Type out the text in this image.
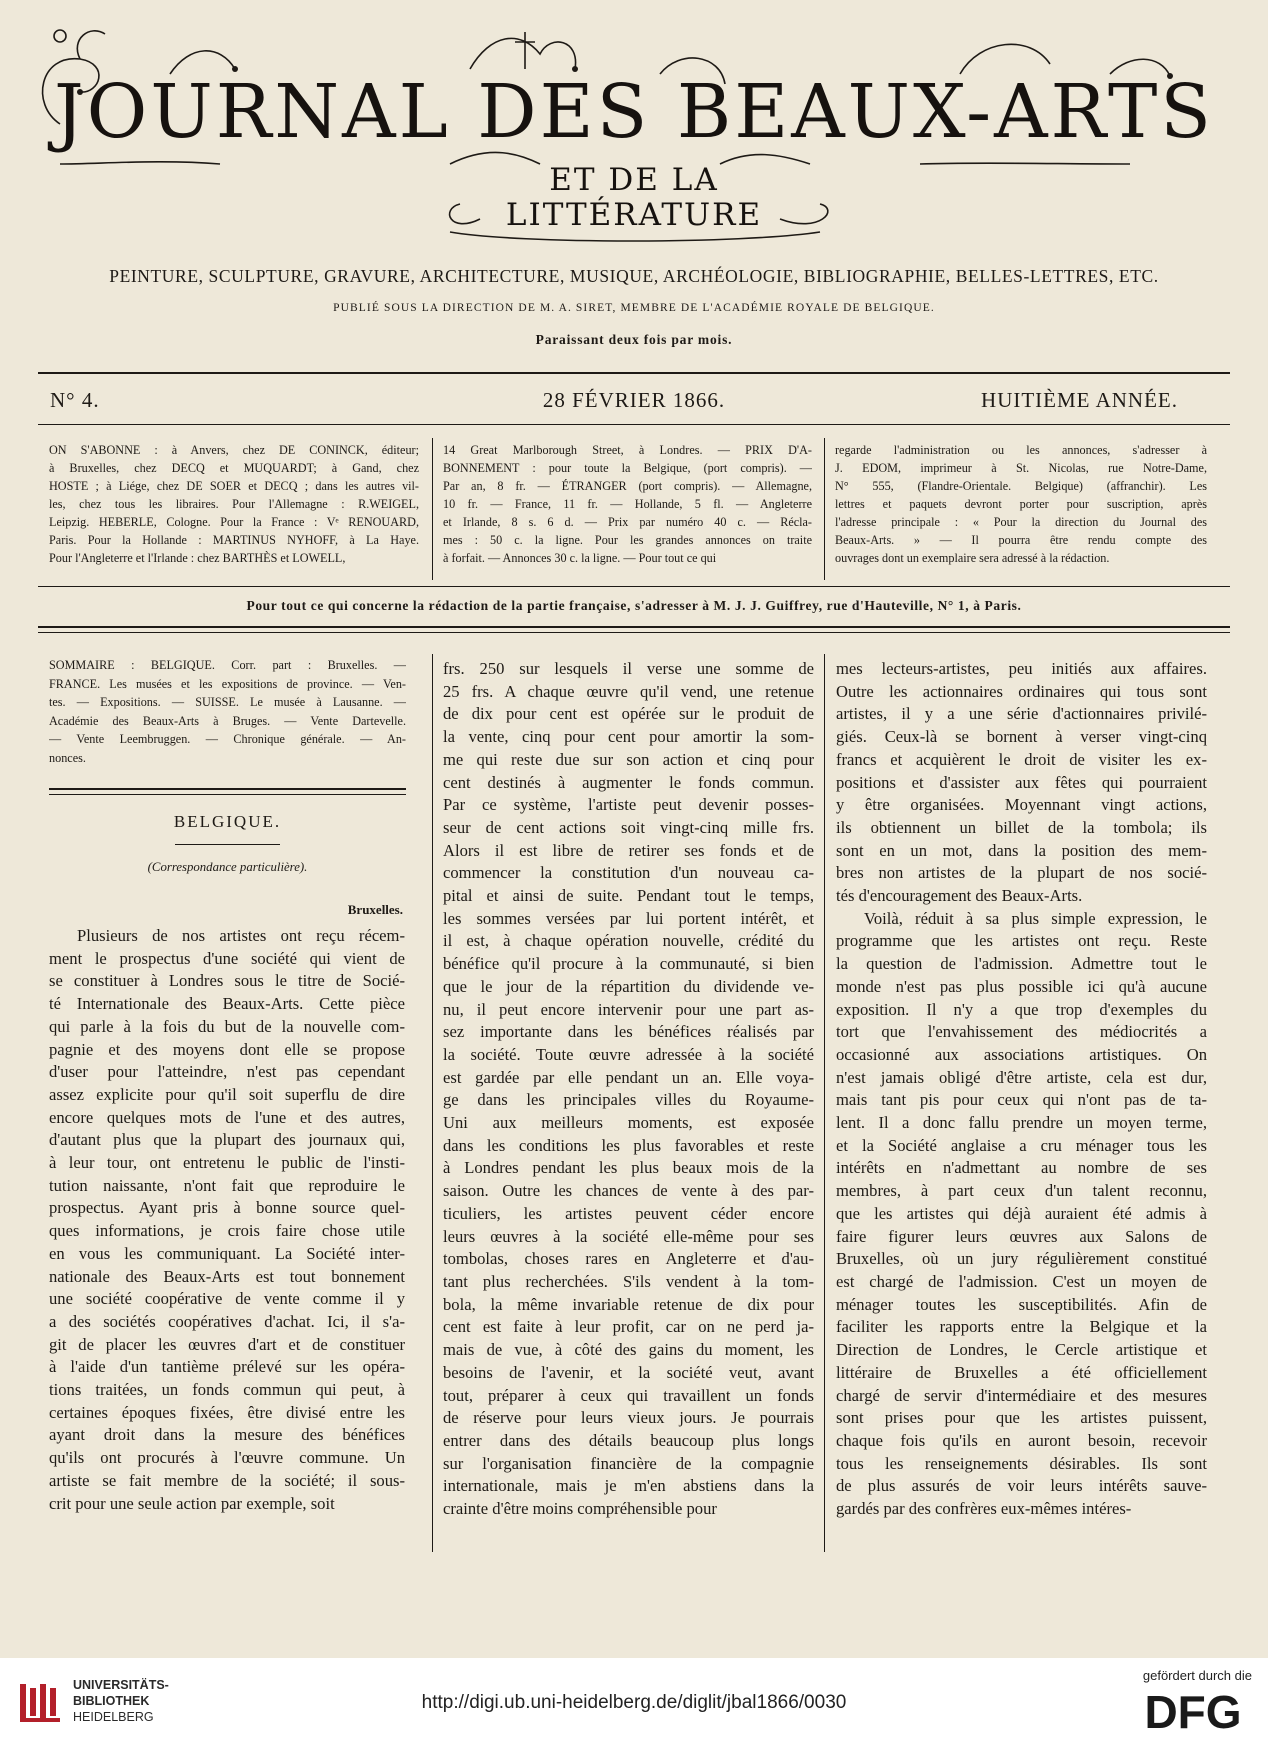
JOURNAL DES BEAUX-ARTS
ET DE LA
LITTÉRATURE
PEINTURE, SCULPTURE, GRAVURE, ARCHITECTURE, MUSIQUE, ARCHÉOLOGIE, BIBLIOGRAPHIE, BELLES-LETTRES, ETC.
PUBLIÉ SOUS LA DIRECTION DE M. A. SIRET, MEMBRE DE L'ACADÉMIE ROYALE DE BELGIQUE.
Paraissant deux fois par mois.
N° 4.	28 FÉVRIER 1866.	HUITIÈME ANNÉE.
ON S'ABONNE : à Anvers, chez DE CONINCK, éditeur;
à Bruxelles, chez DECQ et MUQUARDT; à Gand, chez
HOSTE ; à Liége, chez DE SOER et DECQ ; dans les autres vil-
les, chez tous les libraires. Pour l'Allemagne : R.WEIGEL,
Leipzig. HEBERLE, Cologne. Pour la France : Vᵉ RENOUARD,
Paris. Pour la Hollande : MARTINUS NYHOFF, à La Haye.
Pour l'Angleterre et l'Irlande : chez BARTHÈS et LOWELL,
14 Great Marlborough Street, à Londres. — PRIX D'A-
BONNEMENT : pour toute la Belgique, (port compris). —
Par an, 8 fr. — ÉTRANGER (port compris). — Allemagne,
10 fr. — France, 11 fr. — Hollande, 5 fl. — Angleterre
et Irlande, 8 s. 6 d. — Prix par numéro 40 c. — Récla-
mes : 50 c. la ligne. Pour les grandes annonces on traite
à forfait. — Annonces 30 c. la ligne. — Pour tout ce qui
regarde l'administration ou les annonces, s'adresser à
J. EDOM, imprimeur à St. Nicolas, rue Notre-Dame,
N° 555, (Flandre-Orientale. Belgique) (affranchir). Les
lettres et paquets devront porter pour suscription, après
l'adresse principale : « Pour la direction du Journal des
Beaux-Arts. » — Il pourra être rendu compte des
ouvrages dont un exemplaire sera adressé à la rédaction.
Pour tout ce qui concerne la rédaction de la partie française, s'adresser à M. J. J. Guiffrey, rue d'Hauteville, N° 1, à Paris.
SOMMAIRE : BELGIQUE. Corr. part : Bruxelles. —
FRANCE. Les musées et les expositions de province. — Ven-
tes. — Expositions. — SUISSE. Le musée à Lausanne. —
Académie des Beaux-Arts à Bruges. — Vente Dartevelle.
— Vente Leembruggen. — Chronique générale. — An-
nonces.
BELGIQUE.
(Correspondance particulière).
Bruxelles.
Plusieurs de nos artistes ont reçu récem-
ment le prospectus d'une société qui vient de
se constituer à Londres sous le titre de Socié-
té Internationale des Beaux-Arts. Cette pièce
qui parle à la fois du but de la nouvelle com-
pagnie et des moyens dont elle se propose
d'user pour l'atteindre, n'est pas cependant
assez explicite pour qu'il soit superflu de dire
encore quelques mots de l'une et des autres,
d'autant plus que la plupart des journaux qui,
à leur tour, ont entretenu le public de l'insti-
tution naissante, n'ont fait que reproduire le
prospectus. Ayant pris à bonne source quel-
ques informations, je crois faire chose utile
en vous les communiquant. La Société inter-
nationale des Beaux-Arts est tout bonnement
une société coopérative de vente comme il y
a des sociétés coopératives d'achat. Ici, il s'a-
git de placer les œuvres d'art et de constituer
à l'aide d'un tantième prélevé sur les opéra-
tions traitées, un fonds commun qui peut, à
certaines époques fixées, être divisé entre les
ayant droit dans la mesure des bénéfices
qu'ils ont procurés à l'œuvre commune. Un
artiste se fait membre de la société; il sous-
crit pour une seule action par exemple, soit
frs. 250 sur lesquels il verse une somme de
25 frs. A chaque œuvre qu'il vend, une retenue
de dix pour cent est opérée sur le produit de
la vente, cinq pour cent pour amortir la som-
me qui reste due sur son action et cinq pour
cent destinés à augmenter le fonds commun.
Par ce système, l'artiste peut devenir posses-
seur de cent actions soit vingt-cinq mille frs.
Alors il est libre de retirer ses fonds et de
commencer la constitution d'un nouveau ca-
pital et ainsi de suite. Pendant tout le temps,
les sommes versées par lui portent intérêt, et
il est, à chaque opération nouvelle, crédité du
bénéfice qu'il procure à la communauté, si bien
que le jour de la répartition du dividende ve-
nu, il peut encore intervenir pour une part as-
sez importante dans les bénéfices réalisés par
la société. Toute œuvre adressée à la société
est gardée par elle pendant un an. Elle voya-
ge dans les principales villes du Royaume-
Uni aux meilleurs moments, est exposée
dans les conditions les plus favorables et reste
à Londres pendant les plus beaux mois de la
saison. Outre les chances de vente à des par-
ticuliers, les artistes peuvent céder encore
leurs œuvres à la société elle-même pour ses
tombolas, choses rares en Angleterre et d'au-
tant plus recherchées. S'ils vendent à la tom-
bola, la même invariable retenue de dix pour
cent est faite à leur profit, car on ne perd ja-
mais de vue, à côté des gains du moment, les
besoins de l'avenir, et la société veut, avant
tout, préparer à ceux qui travaillent un fonds
de réserve pour leurs vieux jours. Je pourrais
entrer dans des détails beaucoup plus longs
sur l'organisation financière de la compagnie
internationale, mais je m'en abstiens dans la
crainte d'être moins compréhensible pour
mes lecteurs-artistes, peu initiés aux affaires.
Outre les actionnaires ordinaires qui tous sont
artistes, il y a une série d'actionnaires privilé-
giés. Ceux-là se bornent à verser vingt-cinq
francs et acquièrent le droit de visiter les ex-
positions et d'assister aux fêtes qui pourraient
y être organisées. Moyennant vingt actions,
ils obtiennent un billet de la tombola; ils
sont en un mot, dans la position des mem-
bres non artistes de la plupart de nos socié-
tés d'encouragement des Beaux-Arts.
Voilà, réduit à sa plus simple expression, le
programme que les artistes ont reçu. Reste
la question de l'admission. Admettre tout le
monde n'est pas plus possible ici qu'à aucune
exposition. Il n'y a que trop d'exemples du
tort que l'envahissement des médiocrités a
occasionné aux associations artistiques. On
n'est jamais obligé d'être artiste, cela est dur,
mais tant pis pour ceux qui n'ont pas de ta-
lent. Il a donc fallu prendre un moyen terme,
et la Société anglaise a cru ménager tous les
intérêts en n'admettant au nombre de ses
membres, à part ceux d'un talent reconnu,
que les artistes qui déjà auraient été admis à
faire figurer leurs œuvres aux Salons de
Bruxelles, où un jury régulièrement constitué
est chargé de l'admission. C'est un moyen de
ménager toutes les susceptibilités. Afin de
faciliter les rapports entre la Belgique et la
Direction de Londres, le Cercle artistique et
littéraire de Bruxelles a été officiellement
chargé de servir d'intermédiaire et des mesures
sont prises pour que les artistes puissent,
chaque fois qu'ils en auront besoin, recevoir
tous les renseignements désirables. Ils sont
de plus assurés de voir leurs intérêts sauve-
gardés par des confrères eux-mêmes intéres-
UNIVERSITÄTS-
BIBLIOTHEK
HEIDELBERG
http://digi.ub.uni-heidelberg.de/diglit/jbal1866/0030
gefördert durch die
DFG
